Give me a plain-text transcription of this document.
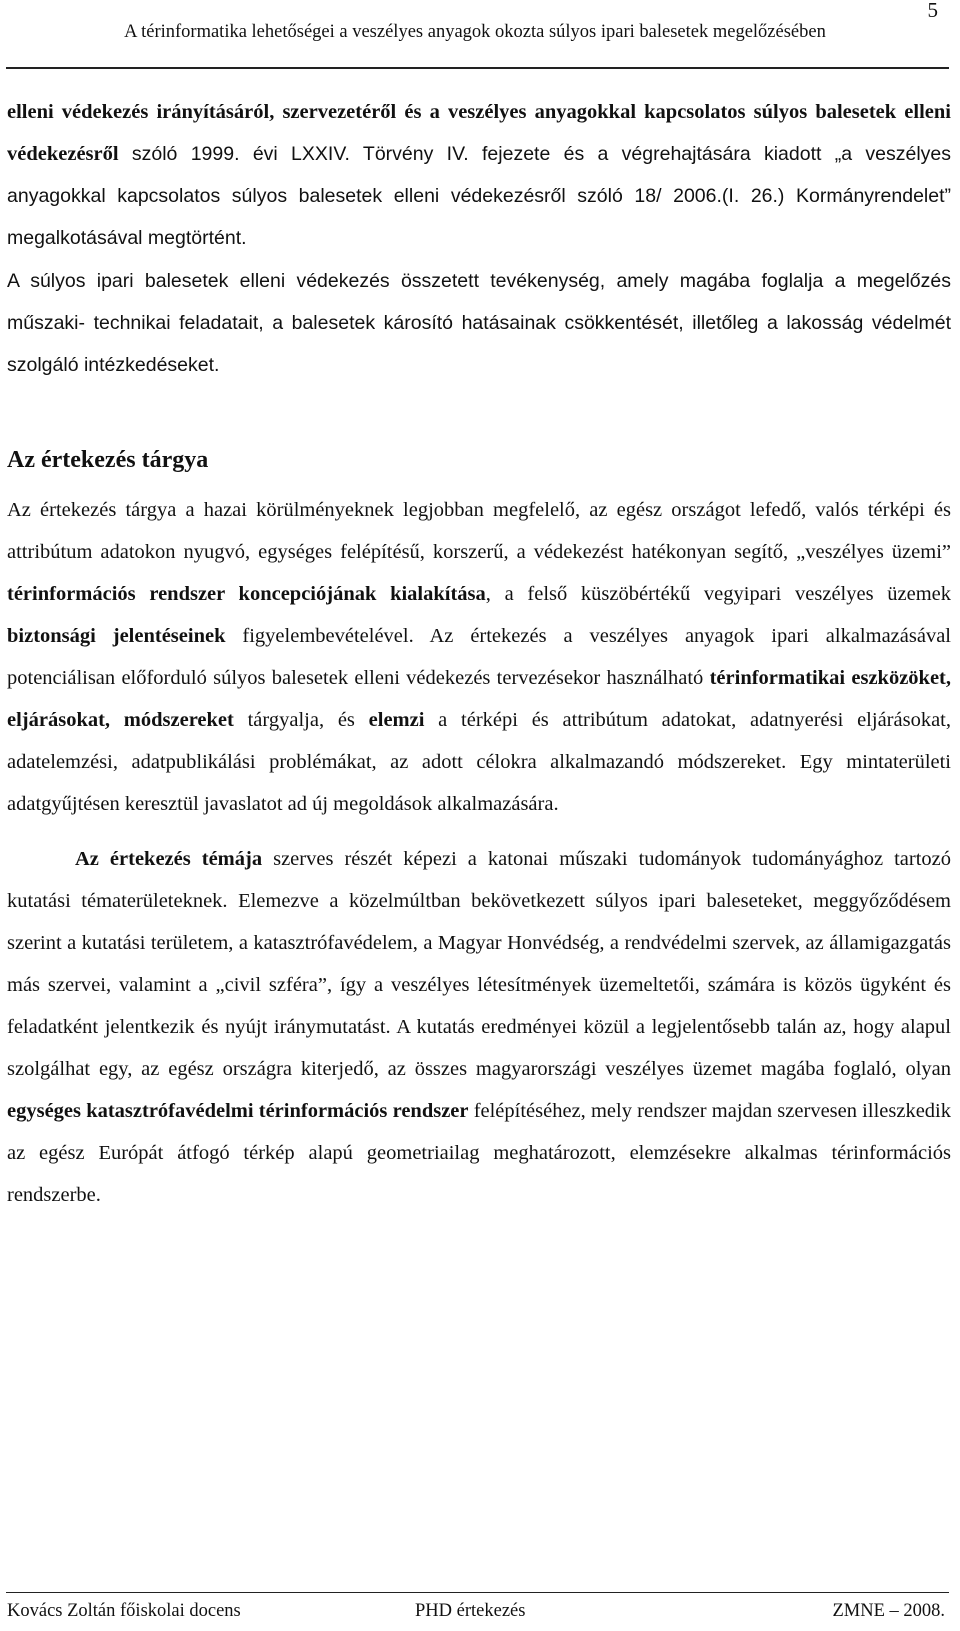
5
A térinformatika lehetőségei a veszélyes anyagok okozta súlyos ipari balesetek megelőzésében

elleni védekezés irányításáról, szervezetéről és a veszélyes anyagokkal kapcsolatos súlyos balesetek elleni védekezésről szóló 1999. évi LXXIV. Törvény IV. fejezete és a végrehajtására kiadott „a veszélyes anyagokkal kapcsolatos súlyos balesetek elleni védekezésről szóló 18/ 2006.(I. 26.) Kormányrendelet” megalkotásával megtörtént.

A súlyos ipari balesetek elleni védekezés összetett tevékenység, amely magába foglalja a megelőzés műszaki- technikai feladatait, a balesetek károsító hatásainak csökkentését, illetőleg a lakosság védelmét szolgáló intézkedéseket.

Az értekezés tárgya

Az értekezés tárgya a hazai körülményeknek legjobban megfelelő, az egész országot lefedő, valós térképi és attribútum adatokon nyugvó, egységes felépítésű, korszerű, a védekezést hatékonyan segítő, „veszélyes üzemi” térinformációs rendszer koncepciójának kialakítása, a felső küszöbértékű vegyipari veszélyes üzemek biztonsági jelentéseinek figyelembevételével. Az értekezés a veszélyes anyagok ipari alkalmazásával potenciálisan előforduló súlyos balesetek elleni védekezés tervezésekor használható térinformatikai eszközöket, eljárásokat, módszereket tárgyalja, és elemzi a térképi és attribútum adatokat, adatnyerési eljárásokat, adatelemzési, adatpublikálási problémákat, az adott célokra alkalmazandó módszereket. Egy mintaterületi adatgyűjtésen keresztül javaslatot ad új megoldások alkalmazására.

Az értekezés témája szerves részét képezi a katonai műszaki tudományok tudományághoz tartozó kutatási tématerületeknek. Elemezve a közelmúltban bekövetkezett súlyos ipari baleseteket, meggyőződésem szerint a kutatási területem, a katasztrófavédelem, a Magyar Honvédség, a rendvédelmi szervek, az államigazgatás más szervei, valamint a „civil szféra”, így a veszélyes létesítmények üzemeltetői, számára is közös ügyként és feladatként jelentkezik és nyújt iránymutatást. A kutatás eredményei közül a legjelentősebb talán az, hogy alapul szolgálhat egy, az egész országra kiterjedő, az összes magyarországi veszélyes üzemet magába foglaló, olyan egységes katasztrófavédelmi térinformációs rendszer felépítéséhez, mely rendszer majdan szervesen illeszkedik az egész Európát átfogó térkép alapú geometriailag meghatározott, elemzésekre alkalmas térinformációs rendszerbe.

Kovács Zoltán főiskolai docens	PHD értekezés	ZMNE – 2008.
